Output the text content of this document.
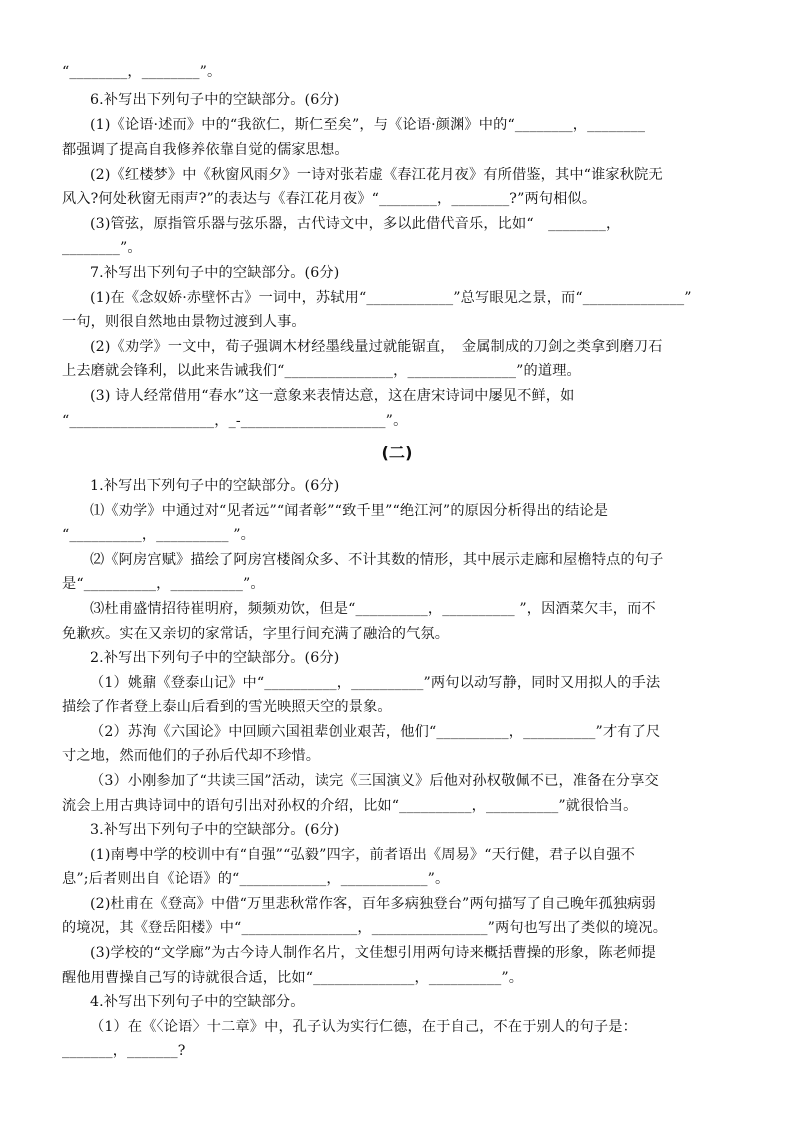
“________，________”。
6.补写出下列句子中的空缺部分。(6分)
(1)《论语·述而》中的“我欲仁，斯仁至矣”，与《论语·颜渊》中的“________，________
都强调了提高自我修养依靠自觉的儒家思想。
(2)《红楼梦》中《秋窗风雨夕》一诗对张若虚《春江花月夜》有所借鉴，其中“谁家秋院无
风入?何处秋窗无雨声?”的表达与《春江花月夜》“________，________?”两句相似。
(3)管弦，原指管乐器与弦乐器，古代诗文中，多以此借代音乐，比如“　________，
________”。
7.补写出下列句子中的空缺部分。(6分)
(1)在《念奴娇·赤壁怀古》一词中，苏轼用“____________”总写眼见之景，而“______________”
一句，则很自然地由景物过渡到人事。
(2)《劝学》一文中，荀子强调木材经墨线量过就能锯直，　金属制成的刀剑之类拿到磨刀石
上去磨就会锋利，以此来告诫我们“_______________，_______________”的道理。
(3) 诗人经常借用“春水”这一意象来表情达意，这在唐宋诗词中屡见不鲜，如
“____________________，_-____________________”。
(二)
1.补写出下列句子中的空缺部分。(6分)
⑴《劝学》中通过对“见者远”“闻者彰”“致千里”“绝江河”的原因分析得出的结论是
“__________，__________ ”。
⑵《阿房宫赋》描绘了阿房宫楼阁众多、不计其数的情形，其中展示走廊和屋檐特点的句子
是“__________，__________”。
⑶杜甫盛情招待崔明府，频频劝饮，但是“__________，__________ ”，因酒菜欠丰，而不
免歉疚。实在又亲切的家常话，字里行间充满了融洽的气氛。
2.补写出下列句子中的空缺部分。(6分)
（1）姚鼐《登泰山记》中“__________，__________”两句以动写静，同时又用拟人的手法
描绘了作者登上泰山后看到的雪光映照天空的景象。
（2）苏洵《六国论》中回顾六国祖辈创业艰苦，他们“__________，__________”才有了尺
寸之地，然而他们的子孙后代却不珍惜。
（3）小刚参加了“共读三国”活动，读完《三国演义》后他对孙权敬佩不已，准备在分享交
流会上用古典诗词中的语句引出对孙权的介绍，比如“__________，__________”就很恰当。
3.补写出下列句子中的空缺部分。(6分)
(1)南粤中学的校训中有“自强”“弘毅”四字，前者语出《周易》“天行健，君子以自强不
息”;后者则出自《论语》的“____________，____________”。
(2)杜甫在《登高》中借“万里悲秋常作客，百年多病独登台”两句描写了自己晚年孤独病弱
的境况，其《登岳阳楼》中“________________，________________”两句也写出了类似的境况。
(3)学校的“文学廊”为古今诗人制作名片，文佳想引用两句诗来概括曹操的形象，陈老师提
醒他用曹操自己写的诗就很合适，比如“______________，__________”。
4.补写出下列句子中的空缺部分。
（1）在《〈论语〉十二章》中，孔子认为实行仁德，在于自己，不在于别人的句子是：
_______，_______?
